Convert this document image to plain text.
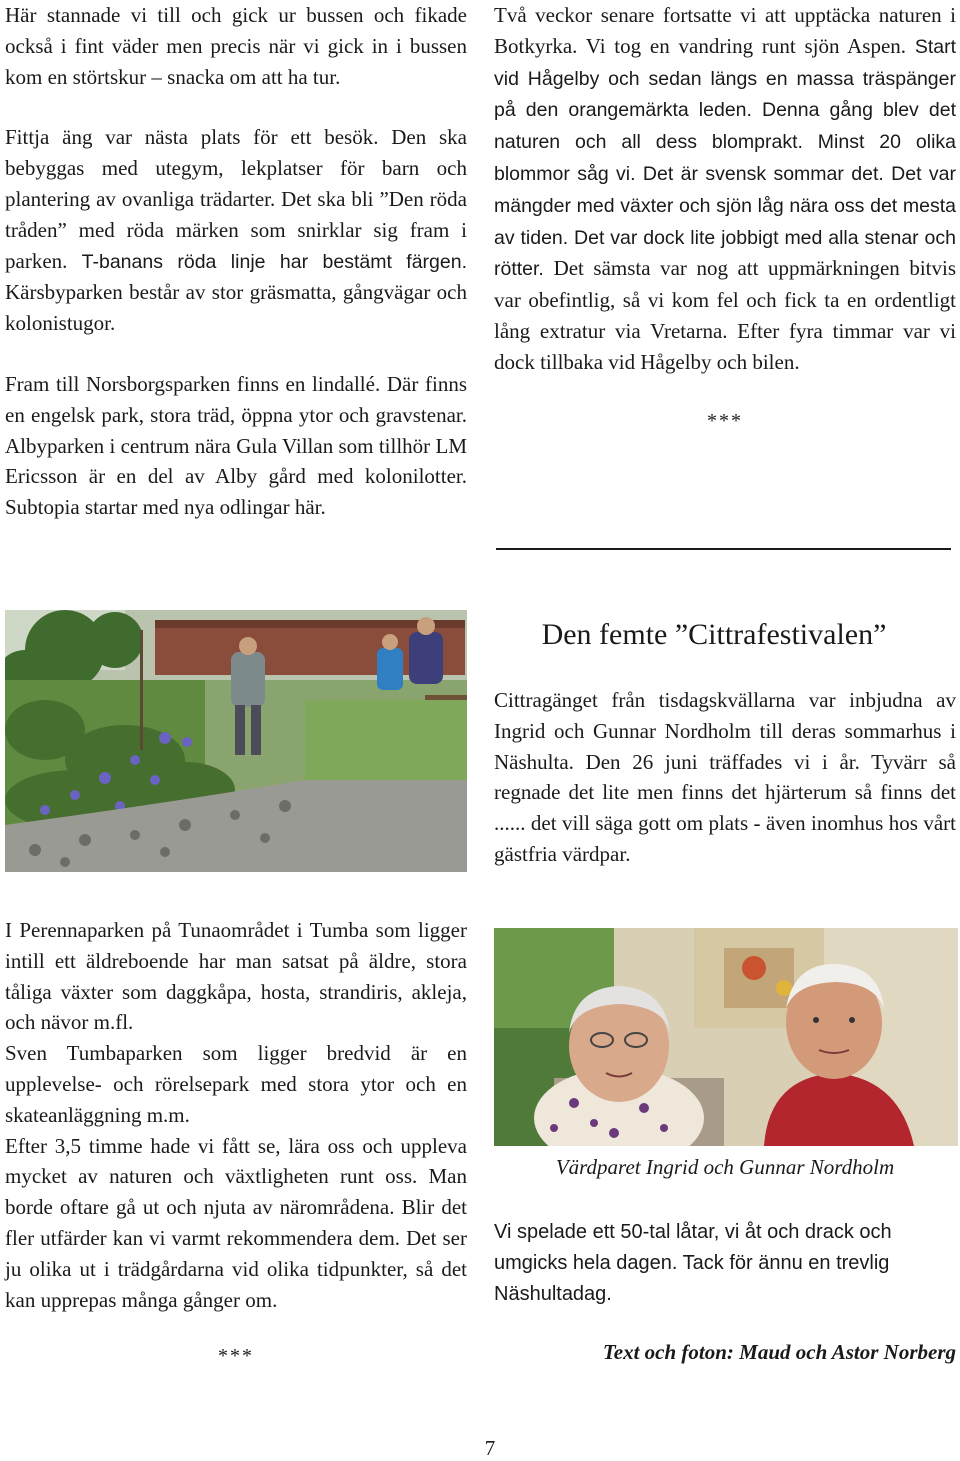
Här stannade vi till och gick ur bussen och fikade också i fint väder men precis när vi gick in i bussen kom en störtskur – snacka om att ha tur.

Fittja äng var nästa plats för ett besök. Den ska bebyggas med utegym, lekplatser för barn och plantering av ovanliga trädarter. Det ska bli ”Den röda tråden” med röda märken som snirklar sig fram i parken. T-banans röda linje har bestämt färgen. Kärsbyparken består av stor gräsmatta, gångvägar och kolonistugor.

Fram till Norsborgsparken finns en lindallé. Där finns en engelsk park, stora träd, öppna ytor och gravstenar. Albyparken i centrum nära Gula Villan som tillhör LM Ericsson är en del av Alby gård med kolonilotter. Subtopia startar med nya odlingar här.

I Perennaparken på Tunaområdet i Tumba som ligger intill ett äldreboende har man satsat på äldre, stora tåliga växter som daggkåpa, hosta, strandiris, akleja, och nävor m.fl.

Sven Tumbaparken som ligger bredvid är en upplevelse- och rörelsepark med stora ytor och en skateanläggning m.m.

Efter 3,5 timme hade vi fått se, lära oss och uppleva mycket av naturen och växtligheten runt oss. Man borde oftare gå ut och njuta av närområdena. Blir det fler utfärder kan vi varmt rekommendera dem. Det ser ju olika ut i trädgårdarna vid olika tidpunkter, så det kan upprepas många gånger om.

***

Två veckor senare fortsatte vi att upptäcka naturen i Botkyrka. Vi tog en vandring runt sjön Aspen. Start vid Hågelby och sedan längs en massa träspänger på den orangemärkta leden. Denna gång blev det naturen och all dess blomprakt. Minst 20 olika blommor såg vi. Det är svensk sommar det. Det var mängder med växter och sjön låg nära oss det mesta av tiden. Det var dock lite jobbigt med alla stenar och rötter. Det sämsta var nog att uppmärkningen bitvis var obefintlig, så vi kom fel och fick ta en ordentligt lång extratur via Vretarna. Efter fyra timmar var vi dock tillbaka vid Hågelby och bilen.

***
Den femte ”Cittrafestivalen”

Cittragänget från tisdagskvällarna var inbjudna av Ingrid och Gunnar Nordholm till deras sommarhus i Näshulta. Den 26 juni träffades vi i år. Tyvärr så regnade det lite men finns det hjärterum så finns det ...... det vill säga gott om plats - även inomhus hos vårt gästfria värdpar.

Värdparet Ingrid och Gunnar Nordholm

Vi spelade ett 50-tal låtar, vi åt och drack och umgicks hela dagen. Tack för ännu en trevlig Näshultadag.

Text och foton: Maud och Astor Norberg
7
